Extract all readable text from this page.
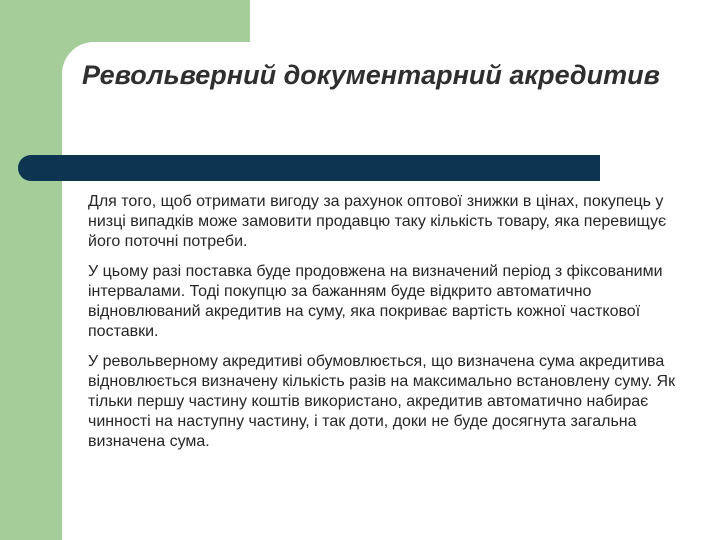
Револьверний документарний акредитив

Для того, щоб отримати вигоду за рахунок оптової знижки в цінах, покупець у низці випадків може замовити продавцю таку кількість товару, яка перевищує його поточні потреби.

У цьому разі поставка буде продовжена на визначений період з фіксованими інтервалами. Тоді покупцю за бажанням буде відкрито автоматично відновлюваний акредитив на суму, яка покриває вартість кожної часткової поставки.

У револьверному акредитиві обумовлюється, що визначена сума акредитива відновлюється визначену кількість разів на максимально встановлену суму. Як тільки першу частину коштів використано, акредитив автоматично набирає чинності на наступну частину, і так доти, доки не буде досягнута загальна визначена сума.
